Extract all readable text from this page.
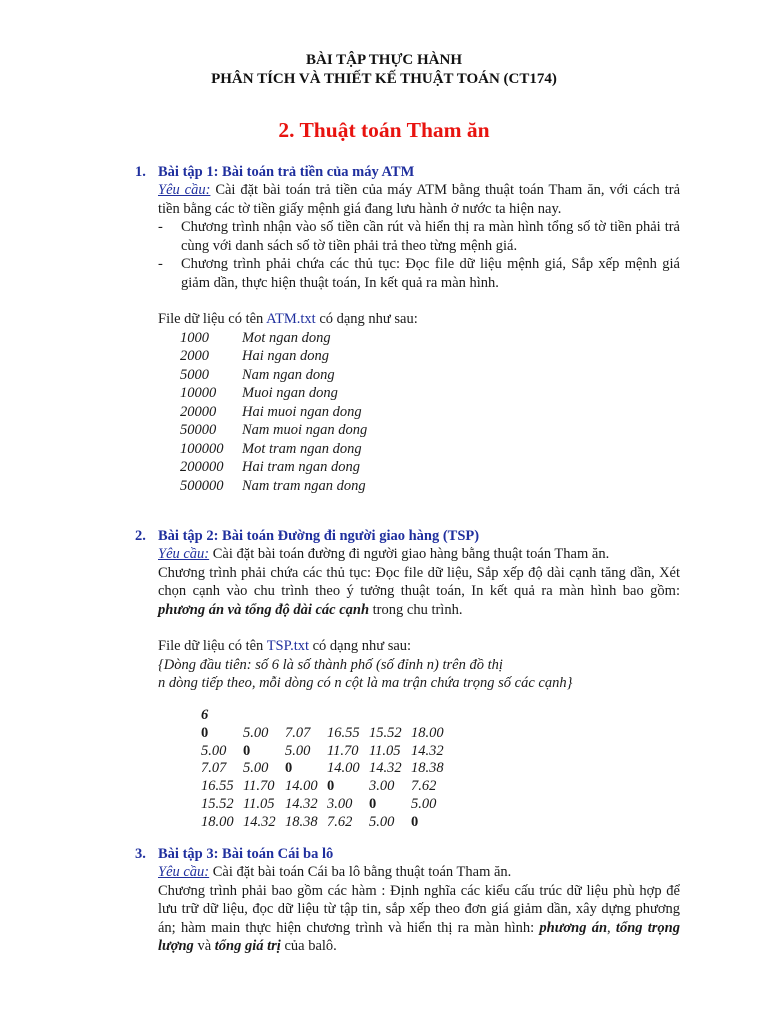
BÀI TẬP THỰC HÀNH
PHÂN TÍCH VÀ THIẾT KẾ THUẬT TOÁN (CT174)
2. Thuật toán Tham ăn
1. Bài tập 1: Bài toán trả tiền của máy ATM
Yêu cầu: Cài đặt bài toán trả tiền của máy ATM bằng thuật toán Tham ăn, với cách trả tiền bằng các tờ tiền giấy mệnh giá đang lưu hành ở nước ta hiện nay.
-	Chương trình nhận vào số tiền cần rút và hiển thị ra màn hình tổng số tờ tiền phải trả cùng với danh sách số tờ tiền phải trả theo từng mệnh giá.
-	Chương trình phải chứa các thủ tục: Đọc file dữ liệu mệnh giá, Sắp xếp mệnh giá giảm dần, thực hiện thuật toán, In kết quả ra màn hình.
File dữ liệu có tên ATM.txt có dạng như sau:
1000	Mot ngan dong
2000	Hai ngan dong
5000	Nam ngan dong
10000	Muoi ngan dong
20000	Hai muoi ngan dong
50000	Nam muoi ngan dong
100000	Mot tram ngan dong
200000	Hai tram ngan dong
500000	Nam tram ngan dong
2. Bài tập 2: Bài toán Đường đi người giao hàng (TSP)
Yêu cầu: Cài đặt bài toán đường đi người giao hàng bằng thuật toán Tham ăn.
Chương trình phải chứa các thủ tục: Đọc file dữ liệu, Sắp xếp độ dài cạnh tăng dần, Xét chọn cạnh vào chu trình theo ý tưởng thuật toán, In kết quả ra màn hình bao gồm: phương án và tổng độ dài các cạnh trong chu trình.
File dữ liệu có tên TSP.txt có dạng như sau:
{Dòng đầu tiên: số 6 là số thành phố (số đỉnh n) trên đồ thị
n dòng tiếp theo, mỗi dòng có n cột là ma trận chứa trọng số các cạnh}
6
0	5.00	7.07	16.55 15.52 18.00
5.00	0	5.00	11.70 11.05 14.32
7.07	5.00	0	14.00 14.32 18.38
16.55 11.70 14.00 0	3.00	7.62
15.52 11.05 14.32 3.00	0	5.00
18.00 14.32 18.38 7.62	5.00	0
3. Bài tập 3: Bài toán Cái ba lô
Yêu cầu: Cài đặt bài toán Cái ba lô bằng thuật toán Tham ăn.
Chương trình phải bao gồm các hàm : Định nghĩa các kiểu cấu trúc dữ liệu phù hợp để lưu trữ dữ liệu, đọc dữ liệu từ tập tin, sắp xếp theo đơn giá giảm dần, xây dựng phương án; hàm main thực hiện chương trình và hiển thị ra màn hình: phương án, tổng trọng lượng và tổng giá trị của balô.
